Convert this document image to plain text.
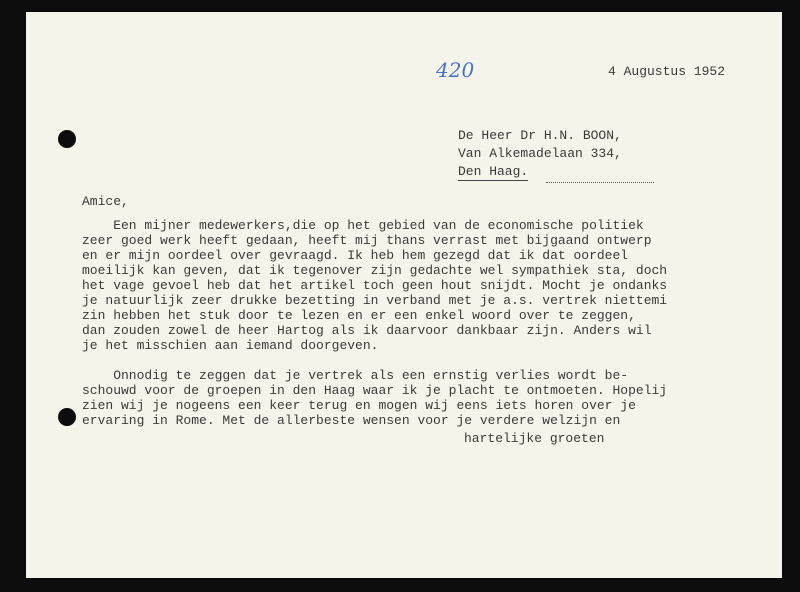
420	4 Augustus 1952
De Heer Dr H.N. BOON,
Van Alkemadelaan 334,
Den Haag.
Amice,
Een mijner medewerkers,die op het gebied van de economische politiek
zeer goed werk heeft gedaan, heeft mij thans verrast met bijgaand ontwerp
en er mijn oordeel over gevraagd. Ik heb hem gezegd dat ik dat oordeel
moeilijk kan geven, dat ik tegenover zijn gedachte wel sympathiek sta, doch
het vage gevoel heb dat het artikel toch geen hout snijdt. Mocht je ondanks
je natuurlijk zeer drukke bezetting in verband met je a.s. vertrek niettemi
zin hebben het stuk door te lezen en er een enkel woord over te zeggen,
dan zouden zowel de heer Hartog als ik daarvoor dankbaar zijn. Anders wil
je het misschien aan iemand doorgeven.
Onnodig te zeggen dat je vertrek als een ernstig verlies wordt be-
schouwd voor de groepen in den Haag waar ik je placht te ontmoeten. Hopelij
zien wij je nogeens een keer terug en mogen wij eens iets horen over je
ervaring in Rome. Met de allerbeste wensen voor je verdere welzijn en
hartelijke groeten
